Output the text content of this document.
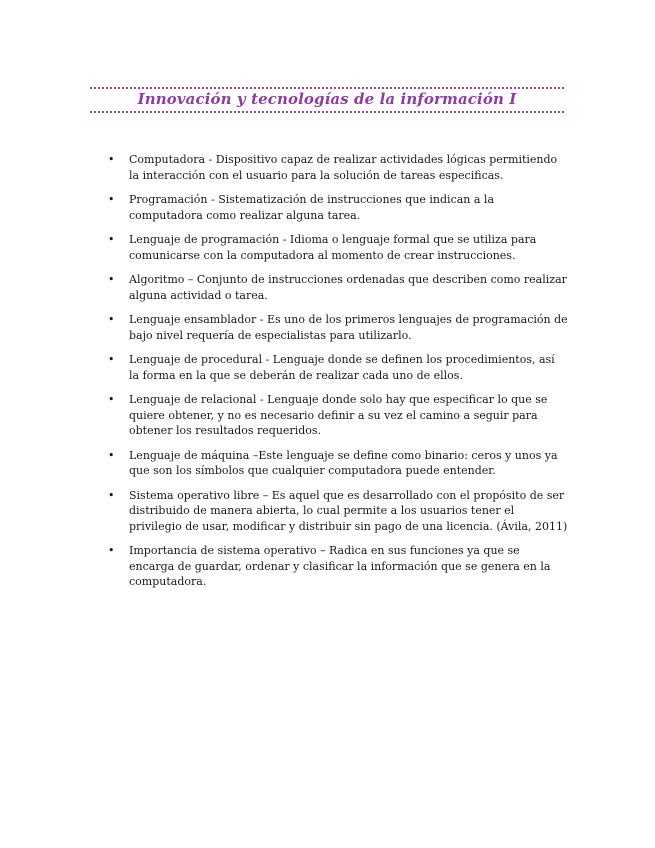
Innovación y tecnologías de la información I
• Computadora - Dispositivo capaz de realizar actividades lógicas permitiendo la interacción con el usuario para la solución de tareas especificas.
• Programación - Sistematización de instrucciones que indican a la computadora como realizar alguna tarea.
• Lenguaje de programación - Idioma o lenguaje formal que se utiliza para comunicarse con la computadora al momento de crear instrucciones.
• Algoritmo – Conjunto de instrucciones ordenadas que describen como realizar alguna actividad o tarea.
• Lenguaje ensamblador - Es uno de los primeros lenguajes de programación de bajo nivel requería de especialistas para utilizarlo.
• Lenguaje de procedural - Lenguaje donde se definen los procedimientos, así la forma en la que se deberán de realizar cada uno de ellos.
• Lenguaje de relacional - Lenguaje donde solo hay que especificar lo que se quiere obtener, y no es necesario definir a su vez el camino a seguir para obtener los resultados requeridos.
• Lenguaje de máquina –Este lenguaje se define como binario: ceros y unos ya que son los símbolos que cualquier computadora puede entender.
• Sistema operativo libre – Es aquel que es desarrollado con el propósito de ser distribuido de manera abierta, lo cual permite a los usuarios tener el privilegio de usar, modificar y distribuir sin pago de una licencia. (Ávila, 2011)
• Importancia de sistema operativo – Radica en sus funciones ya que se encarga de guardar, ordenar y clasificar la información que se genera en la computadora.
